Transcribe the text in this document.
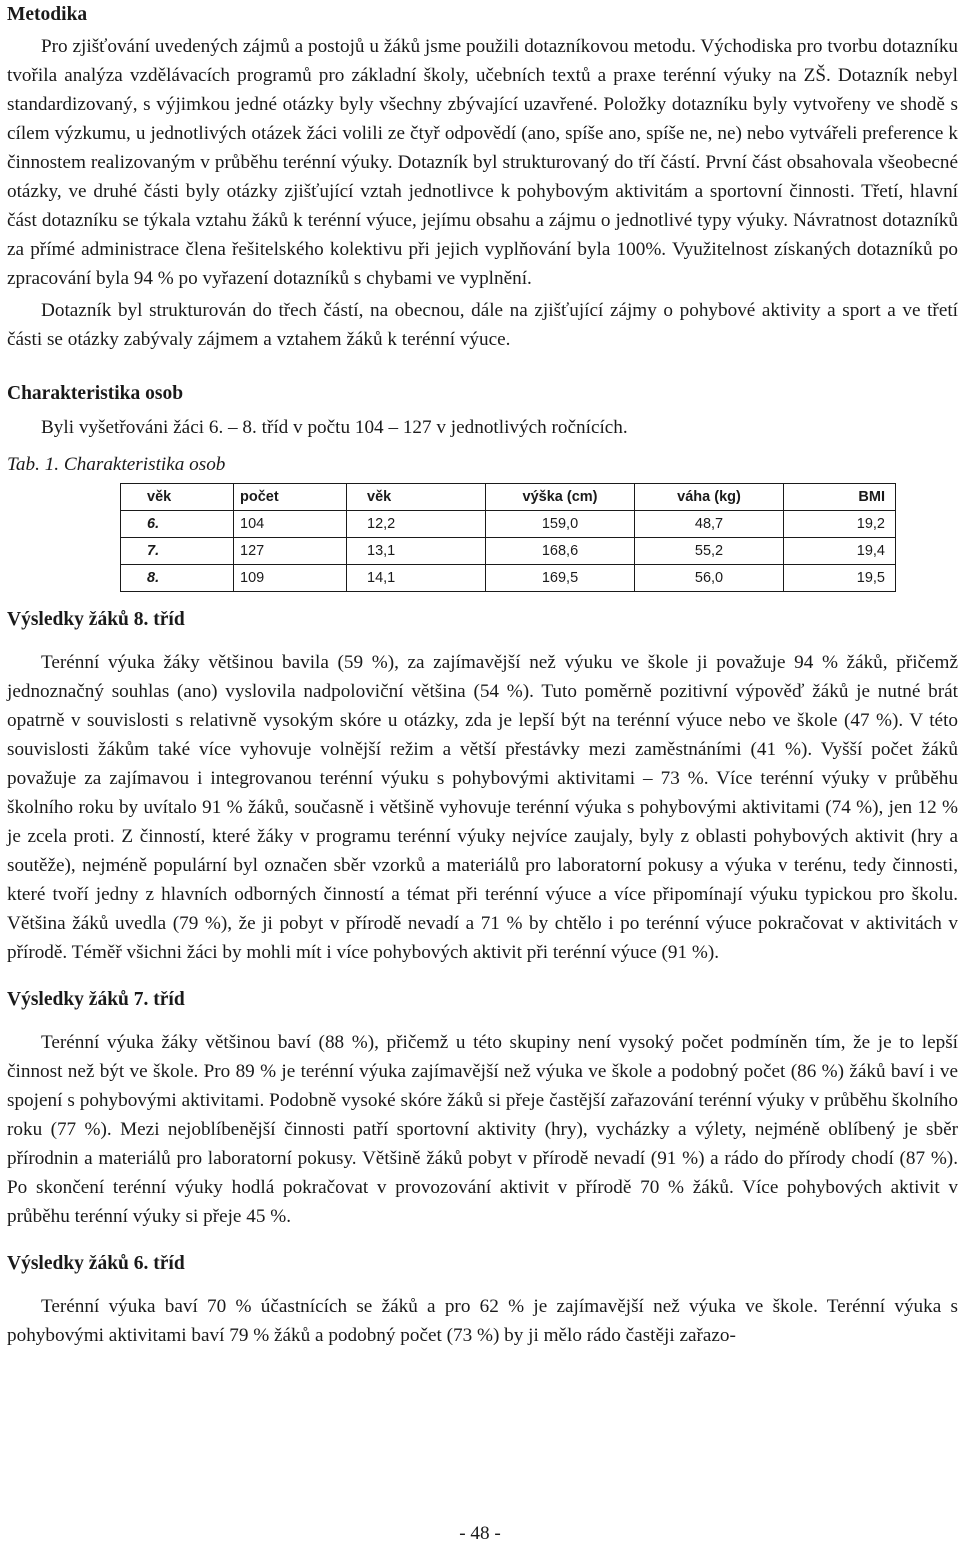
Metodika

Pro zjišťování uvedených zájmů a postojů u žáků jsme použili dotazníkovou metodu. Východiska pro tvorbu dotazníku tvořila analýza vzdělávacích programů pro základní školy, učebních textů a praxe terénní výuky na ZŠ. Dotazník nebyl standardizovaný, s výjimkou jedné otázky byly všechny zbývající uzavřené. Položky dotazníku byly vytvořeny ve shodě s cílem výzkumu, u jednotlivých otázek žáci volili ze čtyř odpovědí (ano, spíše ano, spíše ne, ne) nebo vytvářeli preference k činnostem realizovaným v průběhu terénní výuky. Dotazník byl strukturovaný do tří částí. První část obsahovala všeobecné otázky, ve druhé části byly otázky zjišťující vztah jednotlivce k pohybovým aktivitám a sportovní činnosti. Třetí, hlavní část dotazníku se týkala vztahu žáků k terénní výuce, jejímu obsahu a zájmu o jednotlivé typy výuky. Návratnost dotazníků za přímé administrace člena řešitelského kolektivu při jejich vyplňování byla 100%. Využitelnost získaných dotazníků po zpracování byla 94 % po vyřazení dotazníků s chybami ve vyplnění.

Dotazník byl strukturován do třech částí, na obecnou, dále na zjišťující zájmy o pohybové aktivity a sport a ve třetí části se otázky zabývaly zájmem a vztahem žáků k terénní výuce.

Charakteristika osob

Byli vyšetřováni žáci 6. – 8. tříd v počtu 104 – 127 v jednotlivých ročnících.

Tab. 1. Charakteristika osob
věk	počet	věk	výška (cm)	váha (kg)	BMI
6.	104	12,2	159,0	48,7	19,2
7.	127	13,1	168,6	55,2	19,4
8.	109	14,1	169,5	56,0	19,5
Výsledky žáků 8. tříd

Terénní výuka žáky většinou bavila (59 %), za zajímavější než výuku ve škole ji považuje 94 % žáků, přičemž jednoznačný souhlas (ano) vyslovila nadpoloviční většina (54 %). Tuto poměrně pozitivní výpověď žáků je nutné brát opatrně v souvislosti s relativně vysokým skóre u otázky, zda je lepší být na terénní výuce nebo ve škole (47 %). V této souvislosti žákům také více vyhovuje volnější režim a větší přestávky mezi zaměstnáními (41 %). Vyšší počet žáků považuje za zajímavou i integrovanou terénní výuku s pohybovými aktivitami – 73 %. Více terénní výuky v průběhu školního roku by uvítalo 91 % žáků, současně i většině vyhovuje terénní výuka s pohybovými aktivitami (74 %), jen 12 % je zcela proti. Z činností, které žáky v programu terénní výuky nejvíce zaujaly, byly z oblasti pohybových aktivit (hry a soutěže), nejméně populární byl označen sběr vzorků a materiálů pro laboratorní pokusy a výuka v terénu, tedy činnosti, které tvoří jedny z hlavních odborných činností a témat při terénní výuce a více připomínají výuku typickou pro školu. Většina žáků uvedla (79 %), že ji pobyt v přírodě nevadí a 71 % by chtělo i po terénní výuce pokračovat v aktivitách v přírodě. Téměř všichni žáci by mohli mít i více pohybových aktivit při terénní výuce (91 %).

Výsledky žáků 7. tříd

Terénní výuka žáky většinou baví (88 %), přičemž u této skupiny není vysoký počet podmíněn tím, že je to lepší činnost než být ve škole. Pro 89 % je terénní výuka zajímavější než výuka ve škole a podobný počet (86 %) žáků baví i ve spojení s pohybovými aktivitami. Podobně vysoké skóre žáků si přeje častější zařazování terénní výuky v průběhu školního roku (77 %). Mezi nejoblíbenější činnosti patří sportovní aktivity (hry), vycházky a výlety, nejméně oblíbený je sběr přírodnin a materiálů pro laboratorní pokusy. Většině žáků pobyt v přírodě nevadí (91 %) a rádo do přírody chodí (87 %). Po skončení terénní výuky hodlá pokračovat v provozování aktivit v přírodě 70 % žáků. Více pohybových aktivit v průběhu terénní výuky si přeje 45 %.

Výsledky žáků 6. tříd

Terénní výuka baví 70 % účastnících se žáků a pro 62 % je zajímavější než výuka ve škole. Terénní výuka s pohybovými aktivitami baví 79 % žáků a podobný počet (73 %) by ji mělo rádo častěji zařazo-

- 48 -
